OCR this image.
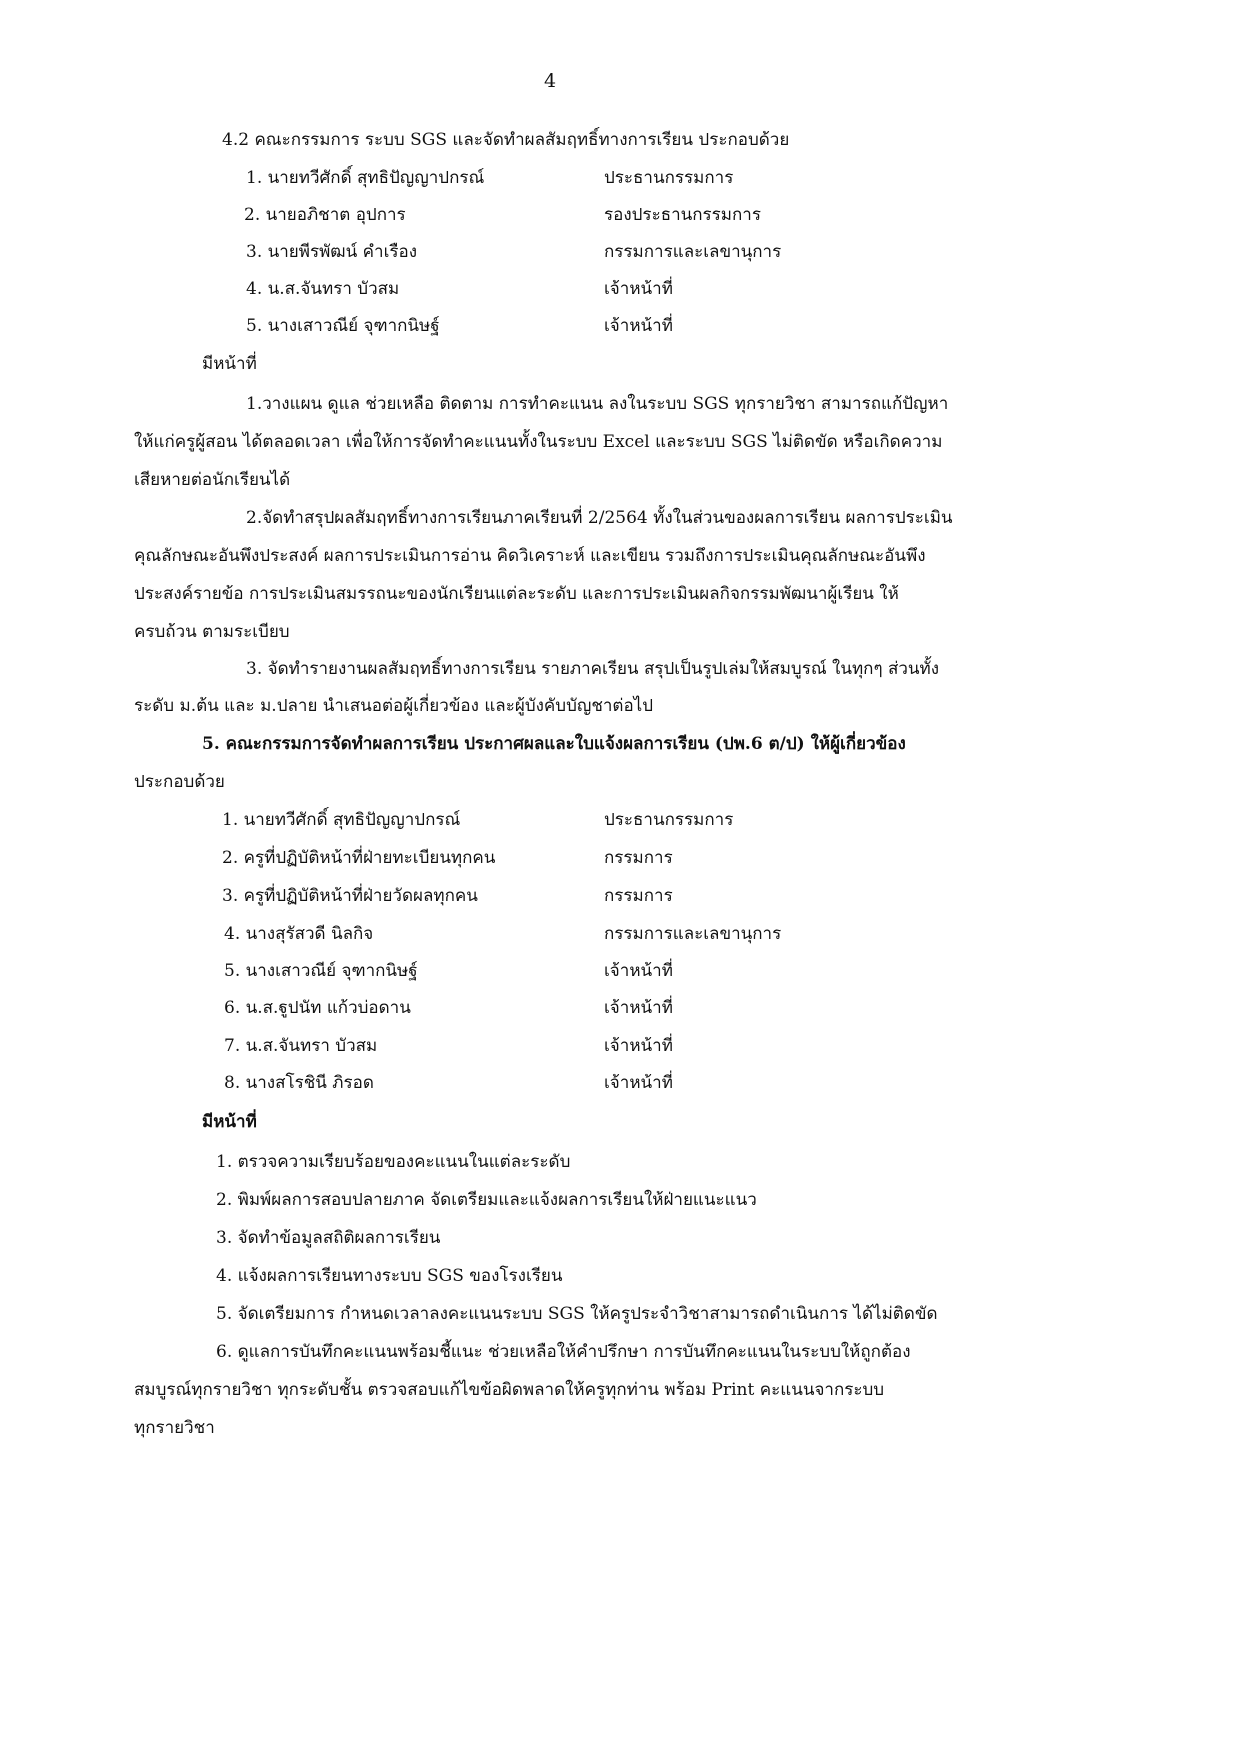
4
4.2 คณะกรรมการ ระบบ SGS และจัดทำผลสัมฤทธิ์ทางการเรียน ประกอบด้วย
1. นายทวีศักดิ์ สุทธิปัญญาปกรณ์	ประธานกรรมการ
2. นายอภิชาต อุปการ	รองประธานกรรมการ
3. นายพีรพัฒน์ คำเรือง	กรรมการและเลขานุการ
4. น.ส.จันทรา บัวสม	เจ้าหน้าที่
5. นางเสาวณีย์ จุฑากนิษฐ์	เจ้าหน้าที่
มีหน้าที่
1.วางแผน ดูแล ช่วยเหลือ ติดตาม การทำคะแนน ลงในระบบ SGS ทุกรายวิชา สามารถแก้ปัญหา
ให้แก่ครูผู้สอน ได้ตลอดเวลา เพื่อให้การจัดทำคะแนนทั้งในระบบ Excel และระบบ SGS ไม่ติดขัด หรือเกิดความ
เสียหายต่อนักเรียนได้
2.จัดทำสรุปผลสัมฤทธิ์ทางการเรียนภาคเรียนที่ 2/2564 ทั้งในส่วนของผลการเรียน ผลการประเมิน
คุณลักษณะอันพึงประสงค์ ผลการประเมินการอ่าน คิดวิเคราะห์ และเขียน รวมถึงการประเมินคุณลักษณะอันพึง
ประสงค์รายข้อ การประเมินสมรรถนะของนักเรียนแต่ละระดับ และการประเมินผลกิจกรรมพัฒนาผู้เรียน ให้
ครบถ้วน ตามระเบียบ
3. จัดทำรายงานผลสัมฤทธิ์ทางการเรียน รายภาคเรียน สรุปเป็นรูปเล่มให้สมบูรณ์ ในทุกๆ ส่วนทั้ง
ระดับ ม.ต้น และ ม.ปลาย นำเสนอต่อผู้เกี่ยวข้อง และผู้บังคับบัญชาต่อไป
5. คณะกรรมการจัดทำผลการเรียน ประกาศผลและใบแจ้งผลการเรียน (ปพ.6 ต/ป) ให้ผู้เกี่ยวข้อง
ประกอบด้วย
1. นายทวีศักดิ์ สุทธิปัญญาปกรณ์	ประธานกรรมการ
2. ครูที่ปฏิบัติหน้าที่ฝ่ายทะเบียนทุกคน	กรรมการ
3. ครูที่ปฏิบัติหน้าที่ฝ่ายวัดผลทุกคน	กรรมการ
4. นางสุรัสวดี นิลกิจ	กรรมการและเลขานุการ
5. นางเสาวณีย์ จุฑากนิษฐ์	เจ้าหน้าที่
6. น.ส.ฐูปนัท แก้วบ่อดาน	เจ้าหน้าที่
7. น.ส.จันทรา บัวสม	เจ้าหน้าที่
8. นางสโรชินี ภิรอด	เจ้าหน้าที่
มีหน้าที่
1. ตรวจความเรียบร้อยของคะแนนในแต่ละระดับ
2. พิมพ์ผลการสอบปลายภาค จัดเตรียมและแจ้งผลการเรียนให้ฝ่ายแนะแนว
3. จัดทำข้อมูลสถิติผลการเรียน
4. แจ้งผลการเรียนทางระบบ SGS ของโรงเรียน
5. จัดเตรียมการ กำหนดเวลาลงคะแนนระบบ SGS ให้ครูประจำวิชาสามารถดำเนินการ ได้ไม่ติดขัด
6. ดูแลการบันทึกคะแนนพร้อมชี้แนะ ช่วยเหลือให้คำปรึกษา การบันทึกคะแนนในระบบให้ถูกต้อง
สมบูรณ์ทุกรายวิชา ทุกระดับชั้น ตรวจสอบแก้ไขข้อผิดพลาดให้ครูทุกท่าน พร้อม Print คะแนนจากระบบ
ทุกรายวิชา
